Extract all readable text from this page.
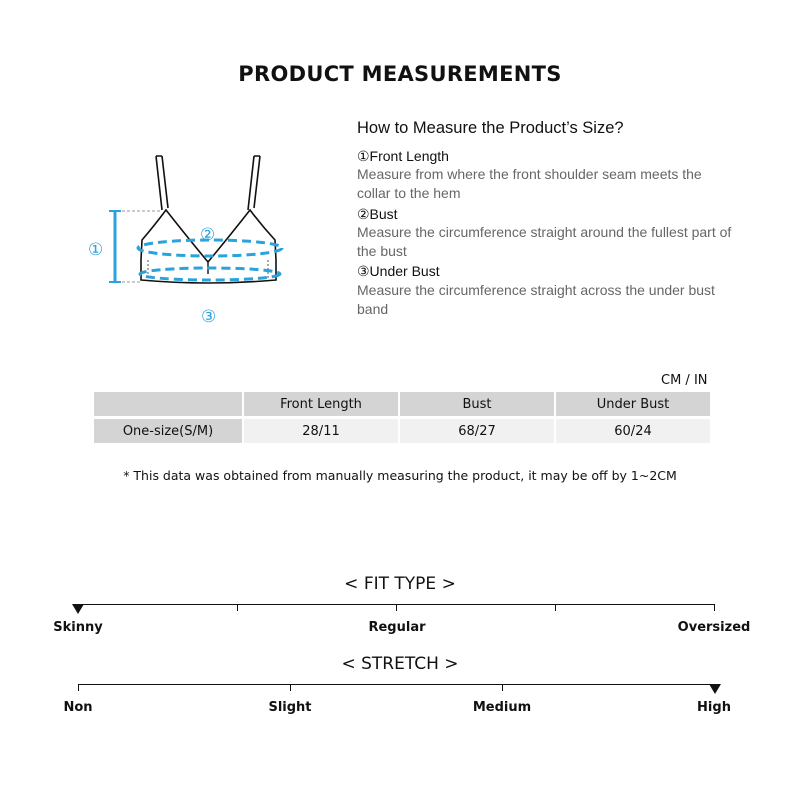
PRODUCT MEASUREMENTS
①
②
③
How to Measure the Product’s Size?
①Front Length
Measure from where the front shoulder seam meets the collar to the hem
②Bust
Measure the circumference straight around the fullest part of the bust
③Under Bust
Measure the circumference straight across the under bust band
CM / IN
	Front Length	Bust	Under Bust

One-size(S/M)	28/11	68/27	60/24
* This data was obtained from manually measuring the product, it may be off by 1~2CM
< FIT TYPE >
Skinny	Regular	Oversized
< STRETCH >
Non	Slight	Medium	High
